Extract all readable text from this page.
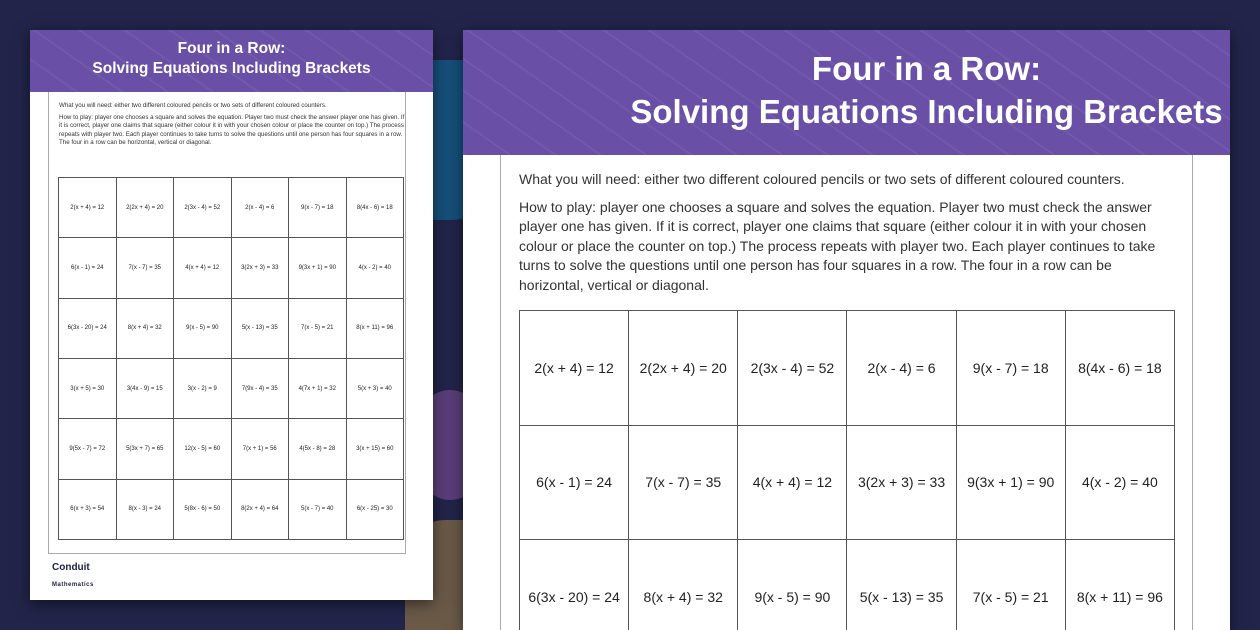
Four in a Row:
Solving Equations Including Brackets

What you will need: either two different coloured pencils or two sets of different coloured counters.

How to play: player one chooses a square and solves the equation. Player two must check the answer player one has given. If it is correct, player one claims that square (either colour it in with your chosen colour or place the counter on top.) The process repeats with player two. Each player continues to take turns to solve the questions until one person has four squares in a row. The four in a row can be horizontal, vertical or diagonal.

2(x + 4) = 12	2(2x + 4) = 20	2(3x - 4) = 52	2(x - 4) = 6	9(x - 7) = 18	8(4x - 6) = 18
6(x - 1) = 24	7(x - 7) = 35	4(x + 4) = 12	3(2x + 3) = 33	9(3x + 1) = 90	4(x - 2) = 40
6(3x - 20) = 24	8(x + 4) = 32	9(x - 5) = 90	5(x - 13) = 35	7(x - 5) = 21	8(x + 11) = 96
3(x + 5) = 30	3(4x - 9) = 15	3(x - 2) = 9	7(9x - 4) = 35	4(7x + 1) = 32	5(x + 3) = 40
9(5x - 7) = 72	5(3x + 7) = 65	12(x - 5) = 60	7(x + 1) = 56	4(5x - 8) = 28	3(x + 15) = 60
6(x + 3) = 54	8(x - 3) = 24	5(8x - 6) = 50	8(2x + 4) = 64	5(x - 7) = 40	6(x - 25) = 30
Conduit
Mathematics
Four in a Row:
Solving Equations Including Brackets

What you will need: either two different coloured pencils or two sets of different coloured counters.

How to play: player one chooses a square and solves the equation. Player two must check the answer player one has given. If it is correct, player one claims that square (either colour it in with your chosen colour or place the counter on top.) The process repeats with player two. Each player continues to take turns to solve the questions until one person has four squares in a row. The four in a row can be horizontal, vertical or diagonal.

2(x + 4) = 12	2(2x + 4) = 20	2(3x - 4) = 52	2(x - 4) = 6	9(x - 7) = 18	8(4x - 6) = 18
6(x - 1) = 24	7(x - 7) = 35	4(x + 4) = 12	3(2x + 3) = 33	9(3x + 1) = 90	4(x - 2) = 40
6(3x - 20) = 24	8(x + 4) = 32	9(x - 5) = 90	5(x - 13) = 35	7(x - 5) = 21	8(x + 11) = 96
